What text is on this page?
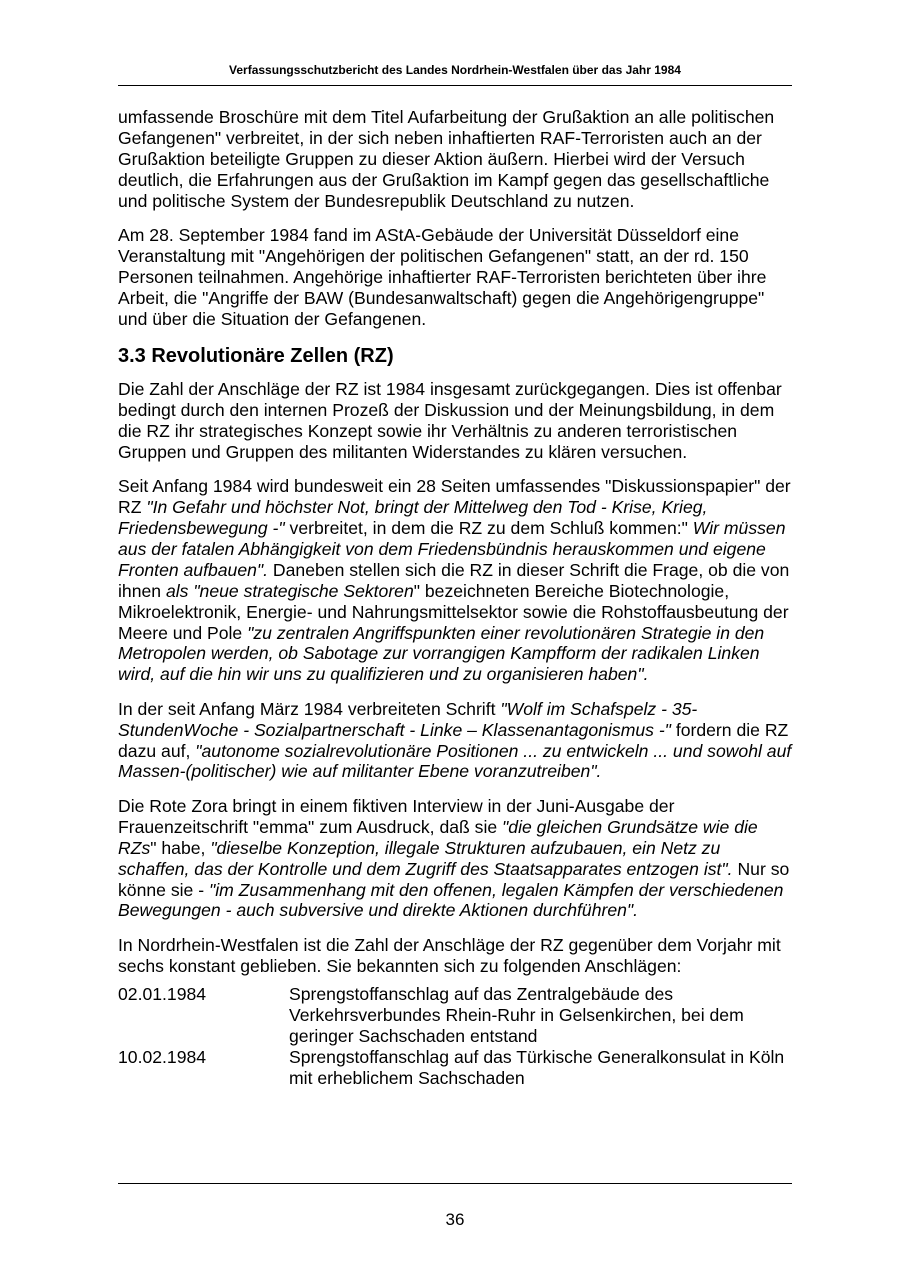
Verfassungsschutzbericht des Landes Nordrhein-Westfalen über das Jahr 1984

umfassende Broschüre mit dem Titel Aufarbeitung der Grußaktion an alle politischen Gefangenen" verbreitet, in der sich neben inhaftierten RAF-Terroristen auch an der Grußaktion beteiligte Gruppen zu dieser Aktion äußern. Hierbei wird der Versuch deutlich, die Erfahrungen aus der Grußaktion im Kampf gegen das gesellschaftliche und politische System der Bundesrepublik Deutschland zu nutzen.

Am 28. September 1984 fand im AStA-Gebäude der Universität Düsseldorf eine Veranstaltung mit "Angehörigen der politischen Gefangenen" statt, an der rd. 150 Personen teilnahmen. Angehörige inhaftierter RAF-Terroristen berichteten über ihre Arbeit, die "Angriffe der BAW (Bundesanwaltschaft) gegen die Angehörigengruppe" und über die Situation der Gefangenen.

3.3 Revolutionäre Zellen (RZ)

Die Zahl der Anschläge der RZ ist 1984 insgesamt zurückgegangen. Dies ist offenbar bedingt durch den internen Prozeß der Diskussion und der Meinungsbildung, in dem die RZ ihr strategisches Konzept sowie ihr Verhältnis zu anderen terroristischen Gruppen und Gruppen des militanten Widerstandes zu klären versuchen.

Seit Anfang 1984 wird bundesweit ein 28 Seiten umfassendes "Diskussionspapier" der RZ "In Gefahr und höchster Not, bringt der Mittelweg den Tod - Krise, Krieg, Friedensbewegung -" verbreitet, in dem die RZ zu dem Schluß kommen:" Wir müssen aus der fatalen Abhängigkeit von dem Friedensbündnis herauskommen und eigene Fronten aufbauen". Daneben stellen sich die RZ in dieser Schrift die Frage, ob die von ihnen als "neue strategische Sektoren" bezeichneten Bereiche Biotechnologie, Mikroelektronik, Energie- und Nahrungsmittelsektor sowie die Rohstoffausbeutung der Meere und Pole "zu zentralen Angriffspunkten einer revolutionären Strategie in den Metropolen werden, ob Sabotage zur vorrangigen Kampfform der radikalen Linken wird, auf die hin wir uns zu qualifizieren und zu organisieren haben".

In der seit Anfang März 1984 verbreiteten Schrift "Wolf im Schafspelz - 35-StundenWoche - Sozialpartnerschaft - Linke – Klassenantagonismus -" fordern die RZ dazu auf, "autonome sozialrevolutionäre Positionen ... zu entwickeln ... und sowohl auf Massen-(politischer) wie auf militanter Ebene voranzutreiben".

Die Rote Zora bringt in einem fiktiven Interview in der Juni-Ausgabe der Frauenzeitschrift "emma" zum Ausdruck, daß sie "die gleichen Grundsätze wie die RZs" habe, "dieselbe Konzeption, illegale Strukturen aufzubauen, ein Netz zu schaffen, das der Kontrolle und dem Zugriff des Staatsapparates entzogen ist". Nur so könne sie - "im Zusammenhang mit den offenen, legalen Kämpfen der verschiedenen Bewegungen - auch subversive und direkte Aktionen durchführen".

In Nordrhein-Westfalen ist die Zahl der Anschläge der RZ gegenüber dem Vorjahr mit sechs konstant geblieben. Sie bekannten sich zu folgenden Anschlägen:

02.01.1984	Sprengstoffanschlag auf das Zentralgebäude des Verkehrsverbundes Rhein-Ruhr in Gelsenkirchen, bei dem geringer Sachschaden entstand
10.02.1984	Sprengstoffanschlag auf das Türkische Generalkonsulat in Köln mit erheblichem Sachschaden
36
